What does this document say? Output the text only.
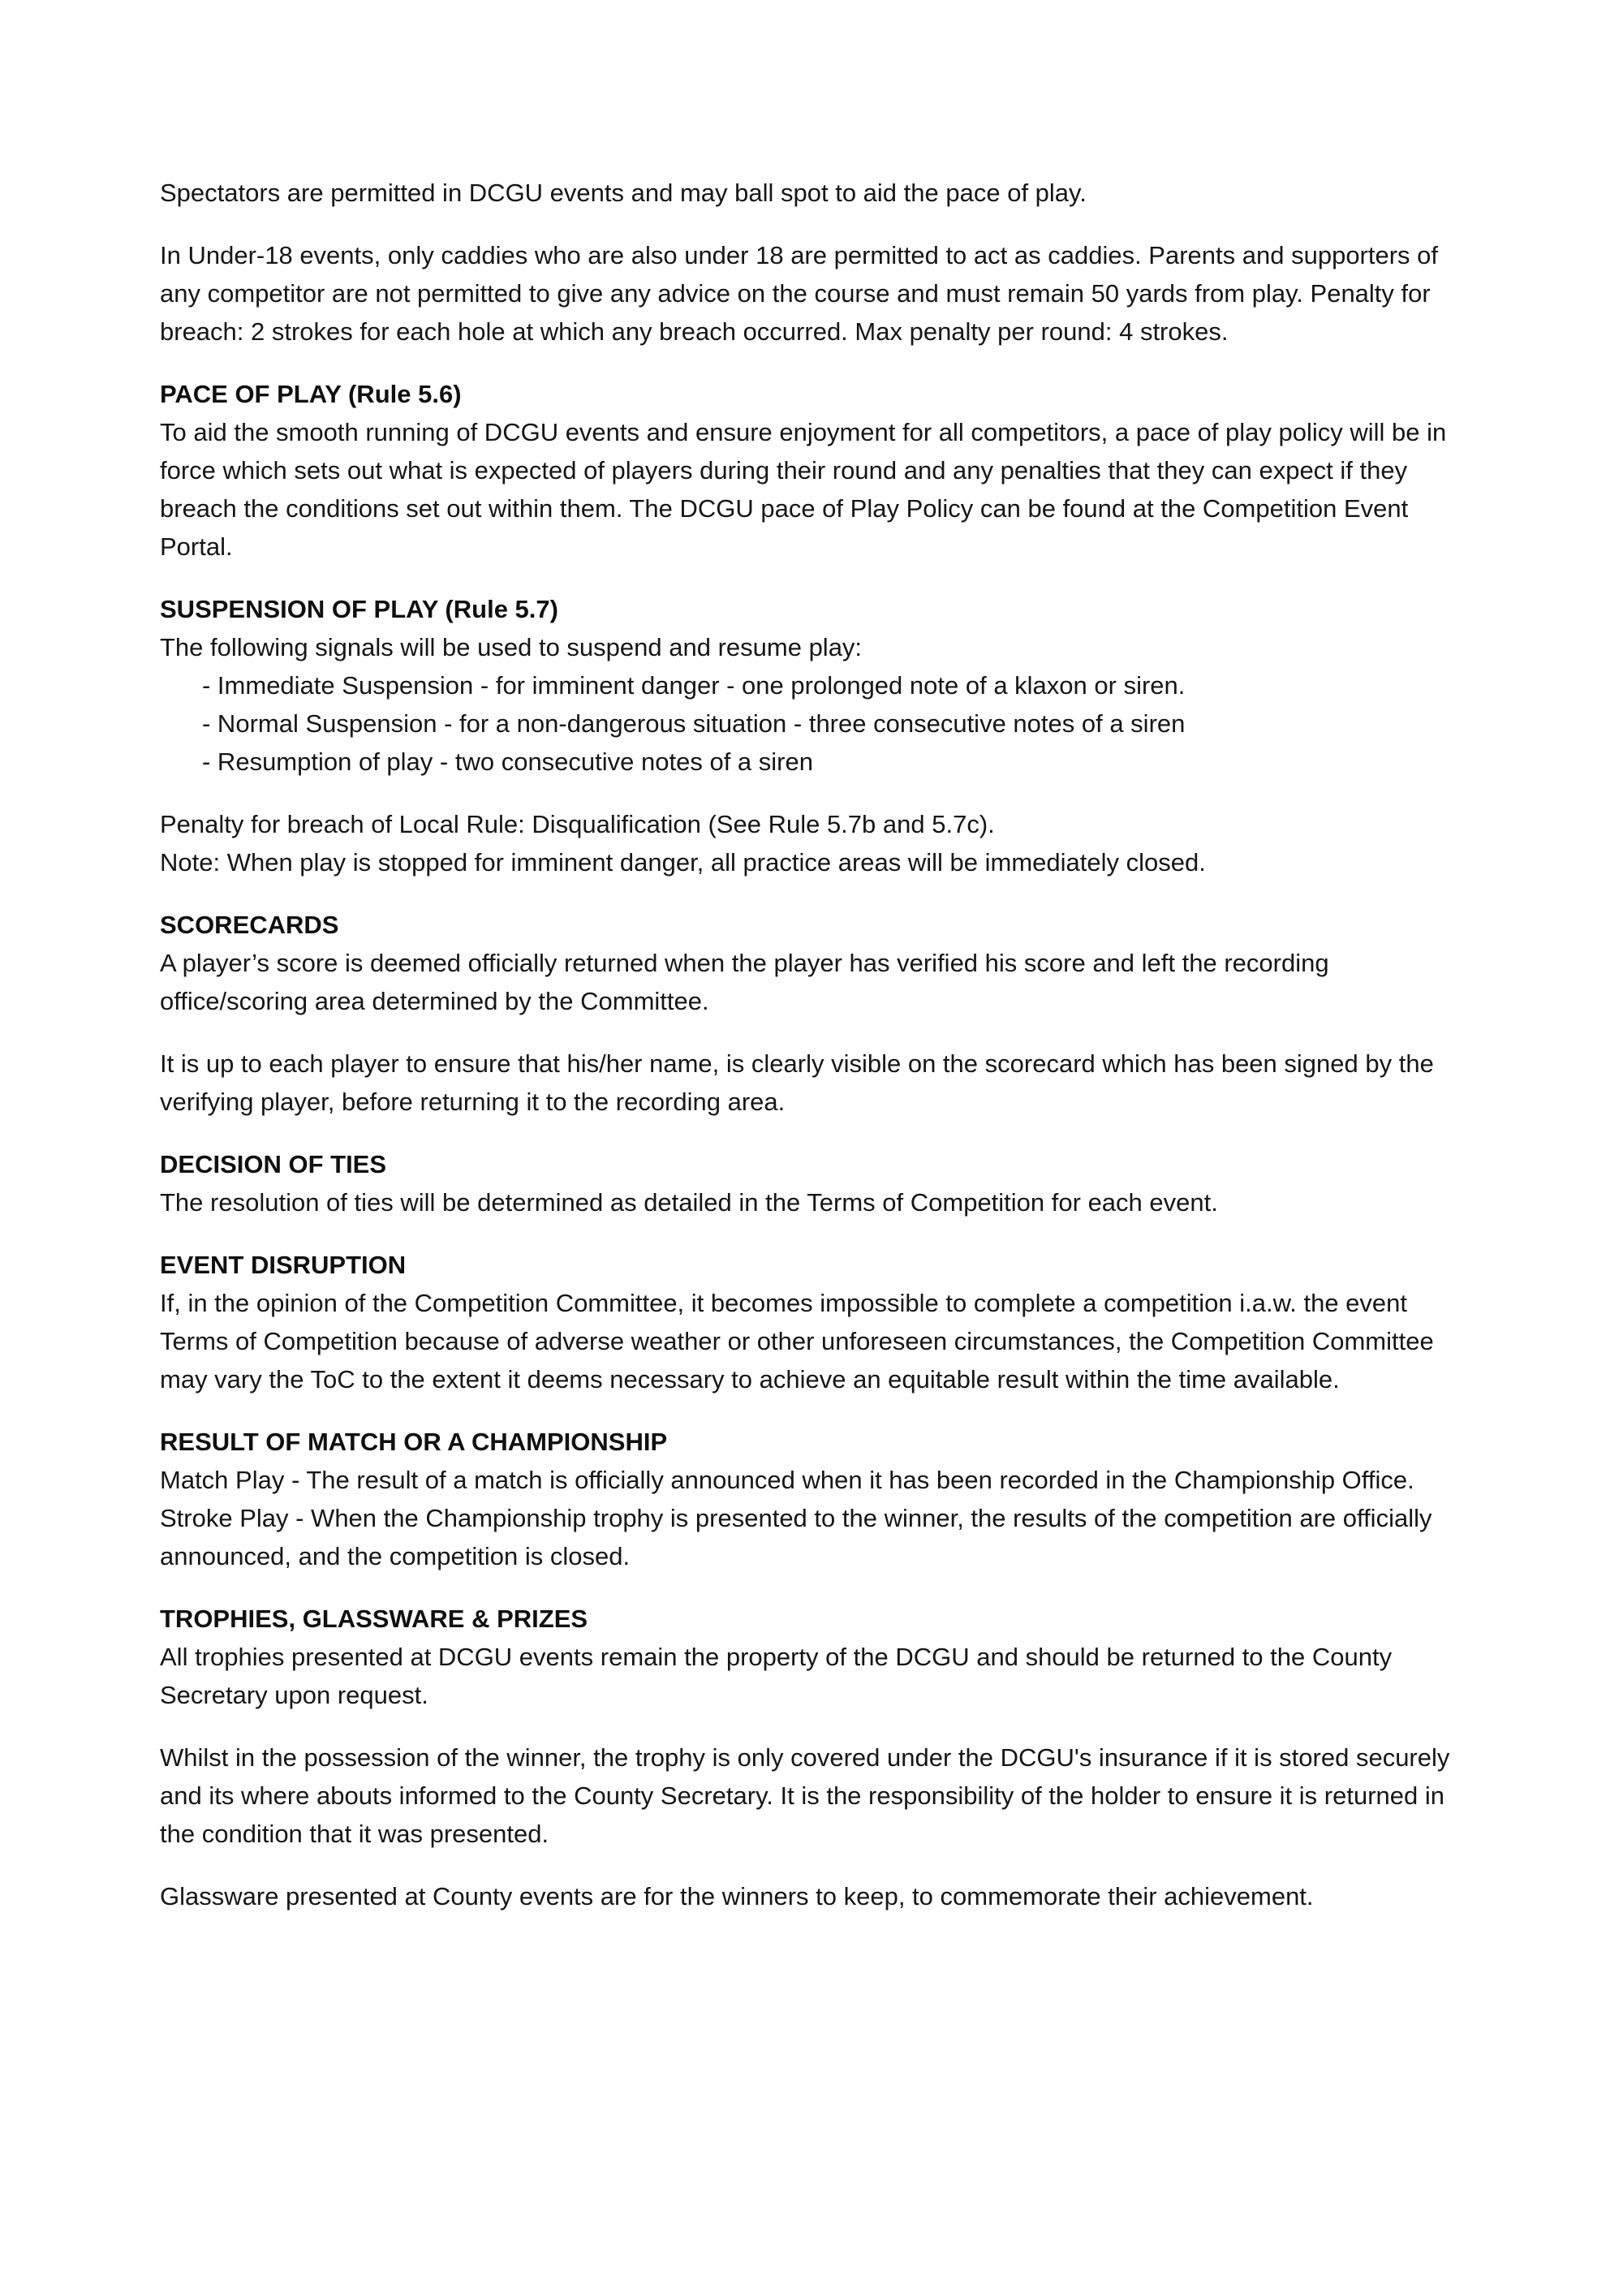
Spectators are permitted in DCGU events and may ball spot to aid the pace of play.

In Under-18 events, only caddies who are also under 18 are permitted to act as caddies. Parents and supporters of any competitor are not permitted to give any advice on the course and must remain 50 yards from play. Penalty for breach: 2 strokes for each hole at which any breach occurred. Max penalty per round: 4 strokes.

PACE OF PLAY (Rule 5.6)

To aid the smooth running of DCGU events and ensure enjoyment for all competitors, a pace of play policy will be in force which sets out what is expected of players during their round and any penalties that they can expect if they breach the conditions set out within them. The DCGU pace of Play Policy can be found at the Competition Event Portal.

SUSPENSION OF PLAY (Rule 5.7)

The following signals will be used to suspend and resume play:

- Immediate Suspension - for imminent danger - one prolonged note of a klaxon or siren.
- Normal Suspension - for a non-dangerous situation - three consecutive notes of a siren
- Resumption of play - two consecutive notes of a siren

Penalty for breach of Local Rule: Disqualification (See Rule 5.7b and 5.7c).
Note: When play is stopped for imminent danger, all practice areas will be immediately closed.

SCORECARDS

A player’s score is deemed officially returned when the player has verified his score and left the recording office/scoring area determined by the Committee.

It is up to each player to ensure that his/her name, is clearly visible on the scorecard which has been signed by the verifying player, before returning it to the recording area.

DECISION OF TIES

The resolution of ties will be determined as detailed in the Terms of Competition for each event.

EVENT DISRUPTION

If, in the opinion of the Competition Committee, it becomes impossible to complete a competition i.a.w. the event Terms of Competition because of adverse weather or other unforeseen circumstances, the Competition Committee may vary the ToC to the extent it deems necessary to achieve an equitable result within the time available.

RESULT OF MATCH OR A CHAMPIONSHIP

Match Play - The result of a match is officially announced when it has been recorded in the Championship Office.
Stroke Play - When the Championship trophy is presented to the winner, the results of the competition are officially announced, and the competition is closed.

TROPHIES, GLASSWARE & PRIZES

All trophies presented at DCGU events remain the property of the DCGU and should be returned to the County Secretary upon request.

Whilst in the possession of the winner, the trophy is only covered under the DCGU's insurance if it is stored securely and its where abouts informed to the County Secretary. It is the responsibility of the holder to ensure it is returned in the condition that it was presented.

Glassware presented at County events are for the winners to keep, to commemorate their achievement.
